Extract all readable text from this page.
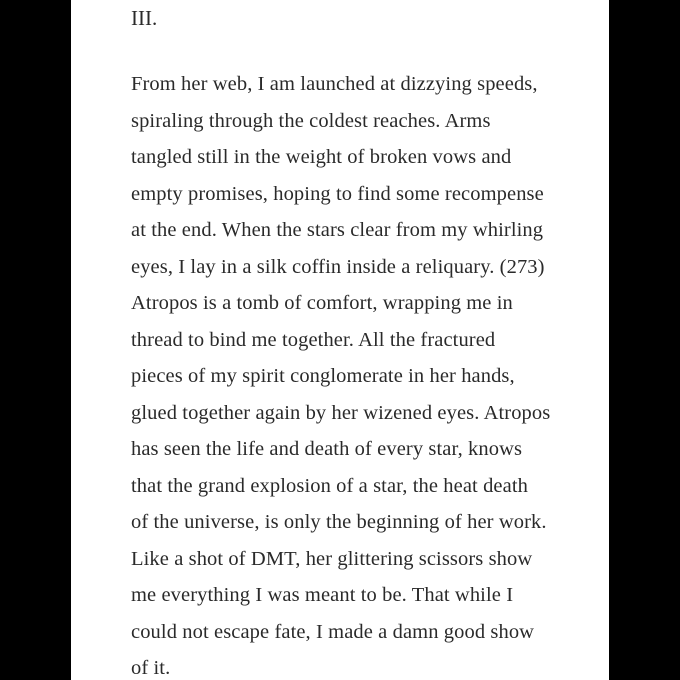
III.

From her web, I am launched at dizzying speeds,
spiraling through the coldest reaches. Arms
tangled still in the weight of broken vows and
empty promises, hoping to find some recompense
at the end. When the stars clear from my whirling
eyes, I lay in a silk coffin inside a reliquary. (273)
Atropos is a tomb of comfort, wrapping me in
thread to bind me together. All the fractured
pieces of my spirit conglomerate in her hands,
glued together again by her wizened eyes. Atropos
has seen the life and death of every star, knows
that the grand explosion of a star, the heat death
of the universe, is only the beginning of her work.
Like a shot of DMT, her glittering scissors show
me everything I was meant to be. That while I
could not escape fate, I made a damn good show
of it.
